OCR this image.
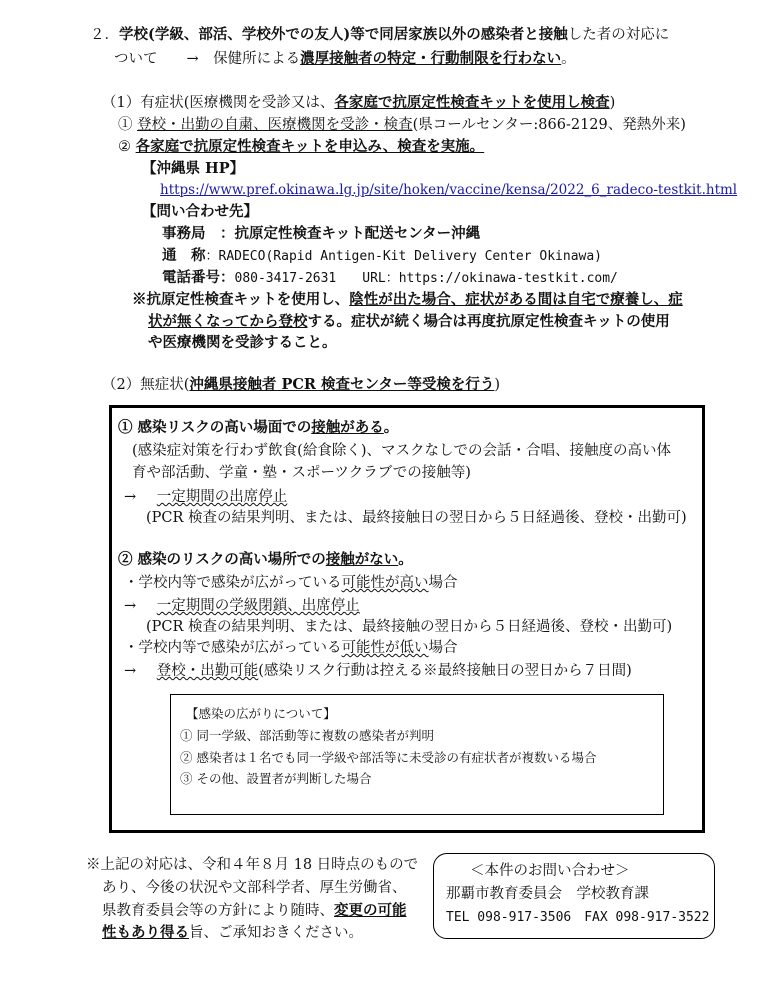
２．学校(学級、部活、学校外での友人)等で同居家族以外の感染者と接触した者の対応に
ついて　　→　保健所による濃厚接触者の特定・行動制限を行わない。
（1）有症状(医療機関を受診又は、各家庭で抗原定性検査キットを使用し検査)
① 登校・出勤の自粛、医療機関を受診・検査(県コールセンター:866-2129、発熱外来)
② 各家庭で抗原定性検査キットを申込み、検査を実施。
【沖縄県 HP】
https://www.pref.okinawa.lg.jp/site/hoken/vaccine/kensa/2022_6_radeco-testkit.html
【問い合わせ先】
事務局　：抗原定性検査キット配送センター沖縄
通　称：RADECO(Rapid Antigen-Kit Delivery Center Okinawa)
電話番号：080-3417-2631　　URL：https://okinawa-testkit.com/
※抗原定性検査キットを使用し、陰性が出た場合、症状がある間は自宅で療養し、症
状が無くなってから登校する。症状が続く場合は再度抗原定性検査キットの使用
や医療機関を受診すること。
（2）無症状(沖縄県接触者 PCR 検査センター等受検を行う)
① 感染リスクの高い場面での接触がある。
(感染症対策を行わず飲食(給食除く)、マスクなしでの会話・合唱、接触度の高い体
育や部活動、学童・塾・スポーツクラブでの接触等)
→ 一定期間の出席停止
(PCR 検査の結果判明、または、最終接触日の翌日から５日経過後、登校・出勤可)
② 感染のリスクの高い場所での接触がない。
・学校内等で感染が広がっている可能性が高い場合
→ 一定期間の学級閉鎖、出席停止
(PCR 検査の結果判明、または、最終接触の翌日から５日経過後、登校・出勤可)
・学校内等で感染が広がっている可能性が低い場合
→ 登校・出勤可能(感染リスク行動は控える※最終接触日の翌日から７日間)
【感染の広がりについて】
① 同一学級、部活動等に複数の感染者が判明
② 感染者は１名でも同一学級や部活等に未受診の有症状者が複数いる場合
③ その他、設置者が判断した場合
※上記の対応は、令和４年８月 18 日時点のもので
あり、今後の状況や文部科学者、厚生労働省、
県教育委員会等の方針により随時、変更の可能
性もあり得る旨、ご承知おきください。
＜本件のお問い合わせ＞
那覇市教育委員会　学校教育課
TEL 098-917-3506　FAX 098-917-3522
